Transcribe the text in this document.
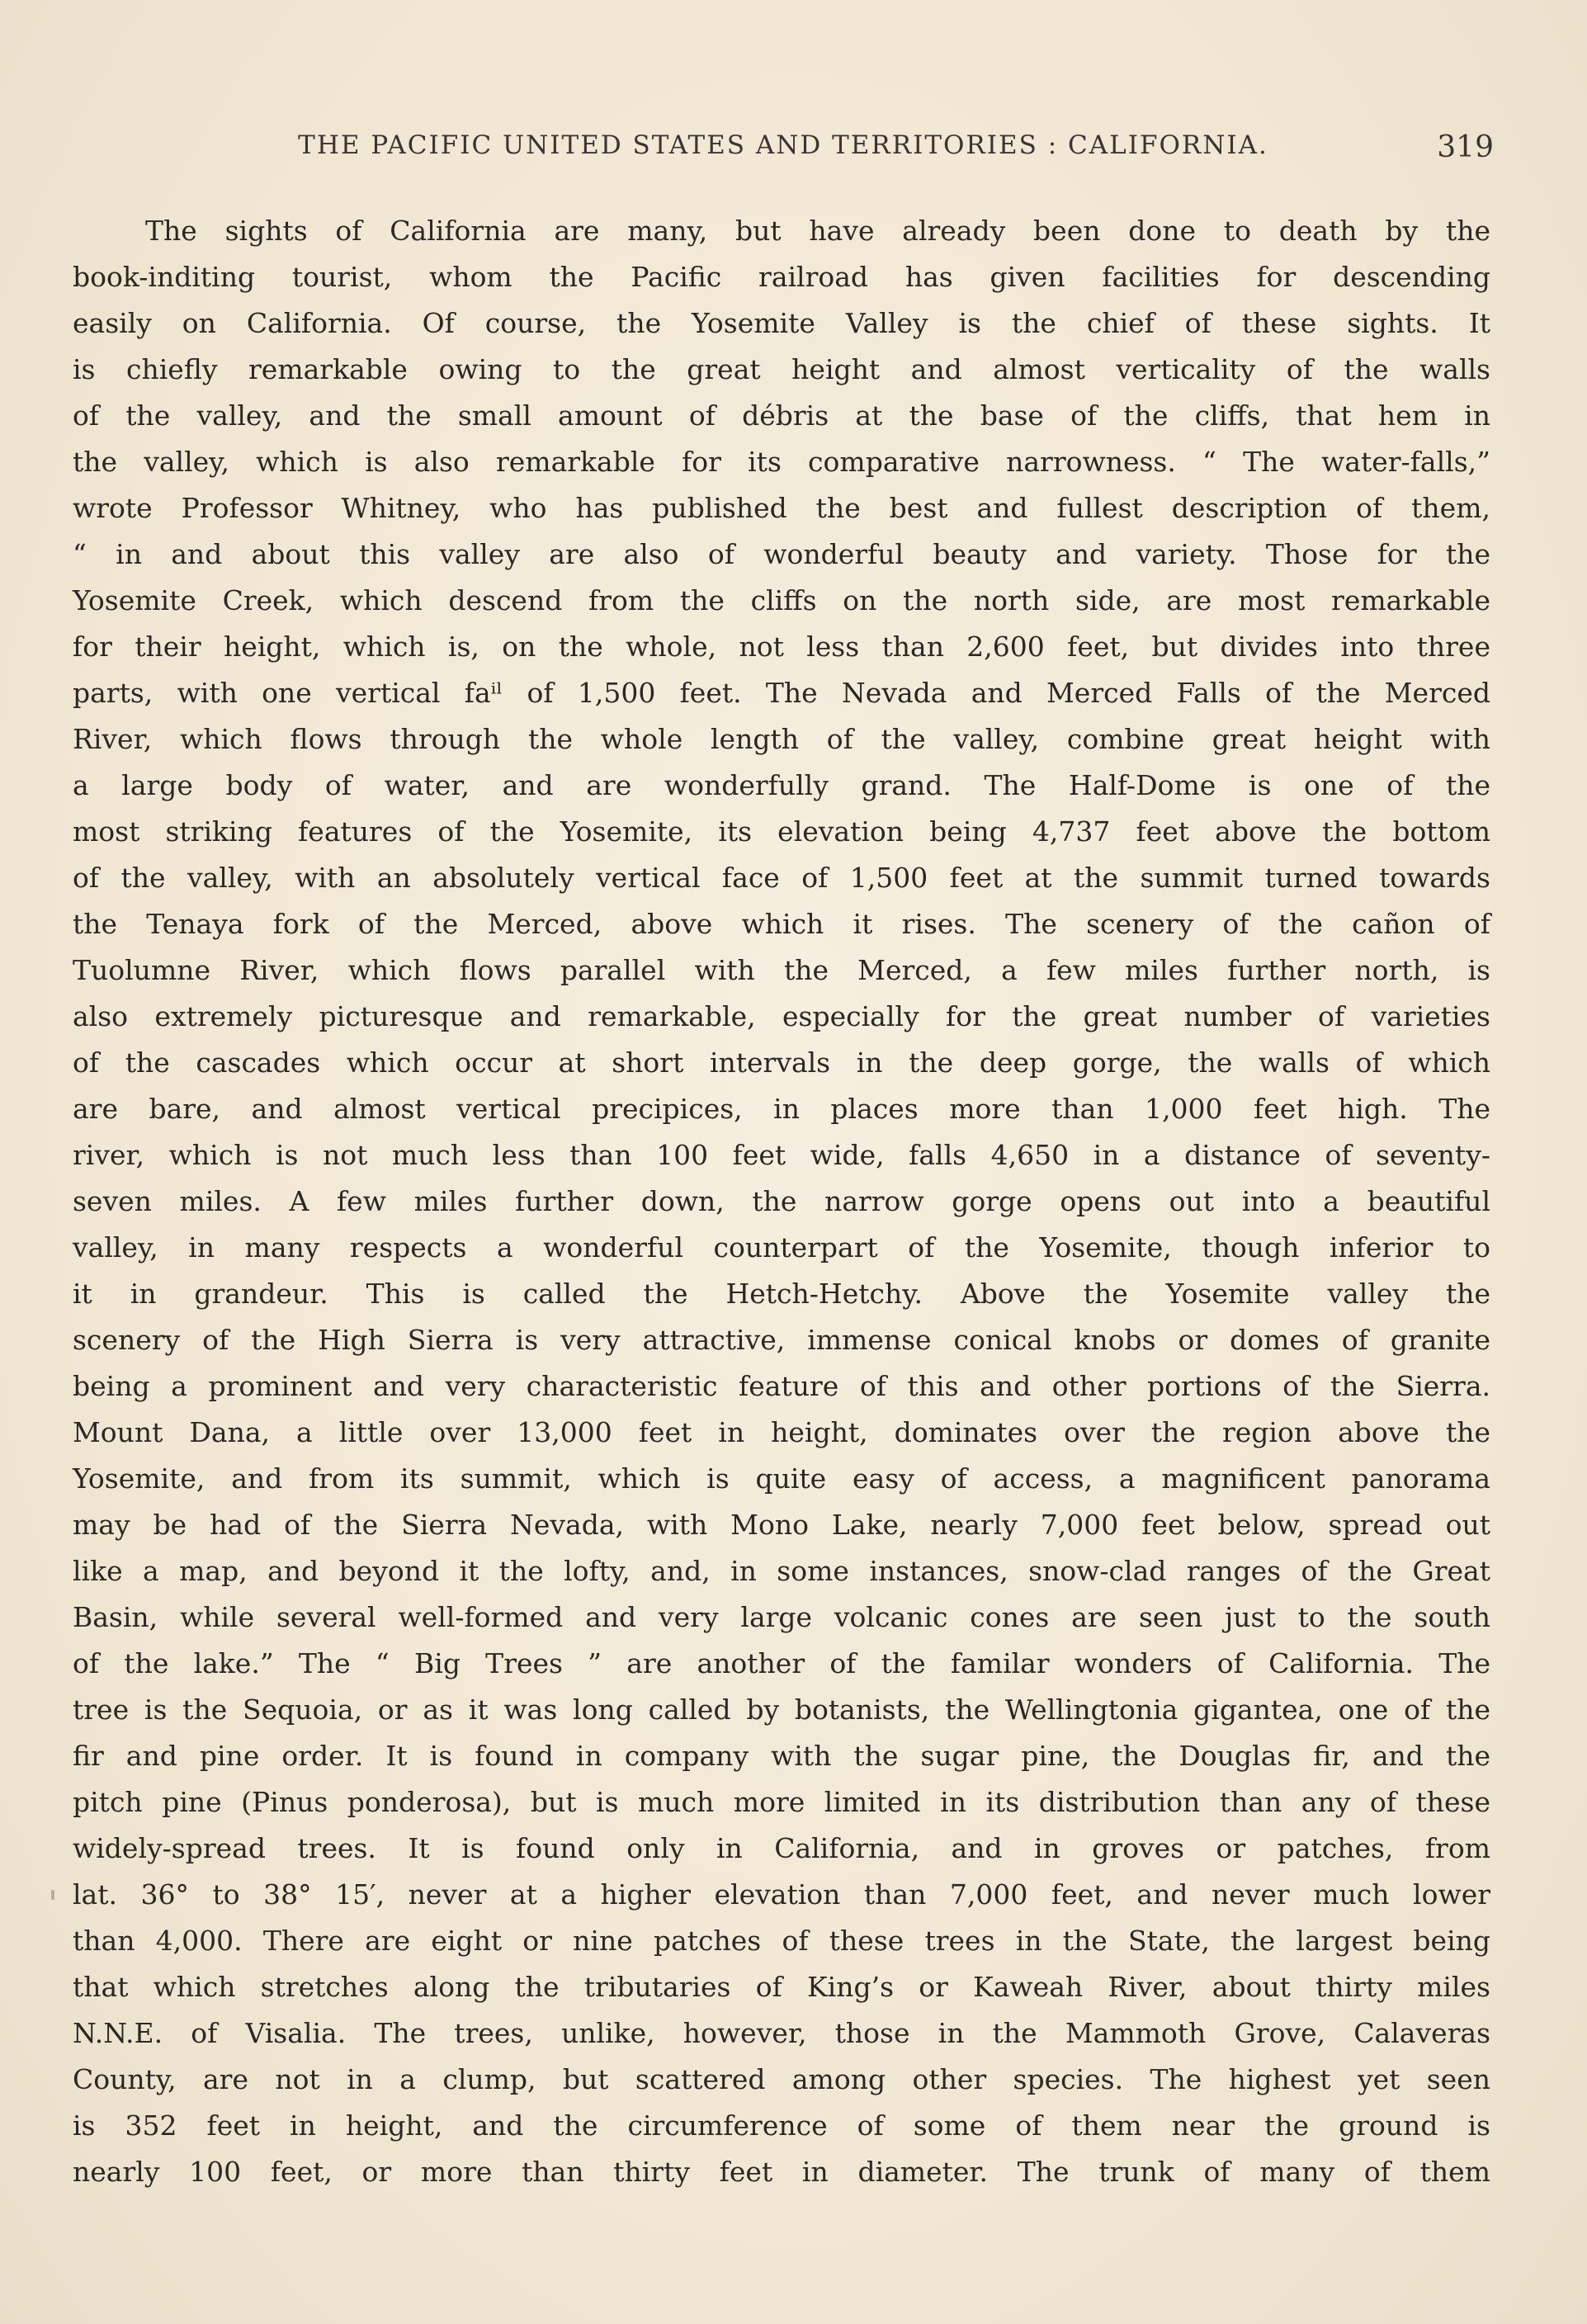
THE PACIFIC UNITED STATES AND TERRITORIES : CALIFORNIA.	319
The sights of California are many, but have already been done to death by the
book-inditing tourist, whom the Pacific railroad has given facilities for descending
easily on California. Of course, the Yosemite Valley is the chief of these sights. It
is chiefly remarkable owing to the great height and almost verticality of the walls
of the valley, and the small amount of débris at the base of the cliffs, that hem in
the valley, which is also remarkable for its comparative narrowness. “ The water-falls,”
wrote Professor Whitney, who has published the best and fullest description of them,
“ in and about this valley are also of wonderful beauty and variety. Those for the
Yosemite Creek, which descend from the cliffs on the north side, are most remarkable
for their height, which is, on the whole, not less than 2,600 feet, but divides into three
parts, with one vertical faⁱˡ of 1,500 feet. The Nevada and Merced Falls of the Merced
River, which flows through the whole length of the valley, combine great height with
a large body of water, and are wonderfully grand. The Half-Dome is one of the
most striking features of the Yosemite, its elevation being 4,737 feet above the bottom
of the valley, with an absolutely vertical face of 1,500 feet at the summit turned towards
the Tenaya fork of the Merced, above which it rises. The scenery of the cañon of
Tuolumne River, which flows parallel with the Merced, a few miles further north, is
also extremely picturesque and remarkable, especially for the great number of varieties
of the cascades which occur at short intervals in the deep gorge, the walls of which
are bare, and almost vertical precipices, in places more than 1,000 feet high. The
river, which is not much less than 100 feet wide, falls 4,650 in a distance of seventy-
seven miles. A few miles further down, the narrow gorge opens out into a beautiful
valley, in many respects a wonderful counterpart of the Yosemite, though inferior to
it in grandeur. This is called the Hetch-Hetchy. Above the Yosemite valley the
scenery of the High Sierra is very attractive, immense conical knobs or domes of granite
being a prominent and very characteristic feature of this and other portions of the Sierra.
Mount Dana, a little over 13,000 feet in height, dominates over the region above the
Yosemite, and from its summit, which is quite easy of access, a magnificent panorama
may be had of the Sierra Nevada, with Mono Lake, nearly 7,000 feet below, spread out
like a map, and beyond it the lofty, and, in some instances, snow-clad ranges of the Great
Basin, while several well-formed and very large volcanic cones are seen just to the south
of the lake.” The “ Big Trees ” are another of the familar wonders of California. The
tree is the Sequoia, or as it was long called by botanists, the Wellingtonia gigantea, one of the
fir and pine order. It is found in company with the sugar pine, the Douglas fir, and the
pitch pine (Pinus ponderosa), but is much more limited in its distribution than any of these
widely-spread trees. It is found only in California, and in groves or patches, from
lat. 36° to 38° 15′, never at a higher elevation than 7,000 feet, and never much lower
than 4,000. There are eight or nine patches of these trees in the State, the largest being
that which stretches along the tributaries of King’s or Kaweah River, about thirty miles
N.N.E. of Visalia. The trees, unlike, however, those in the Mammoth Grove, Calaveras
County, are not in a clump, but scattered among other species. The highest yet seen
is 352 feet in height, and the circumference of some of them near the ground is
nearly 100 feet, or more than thirty feet in diameter. The trunk of many of them
